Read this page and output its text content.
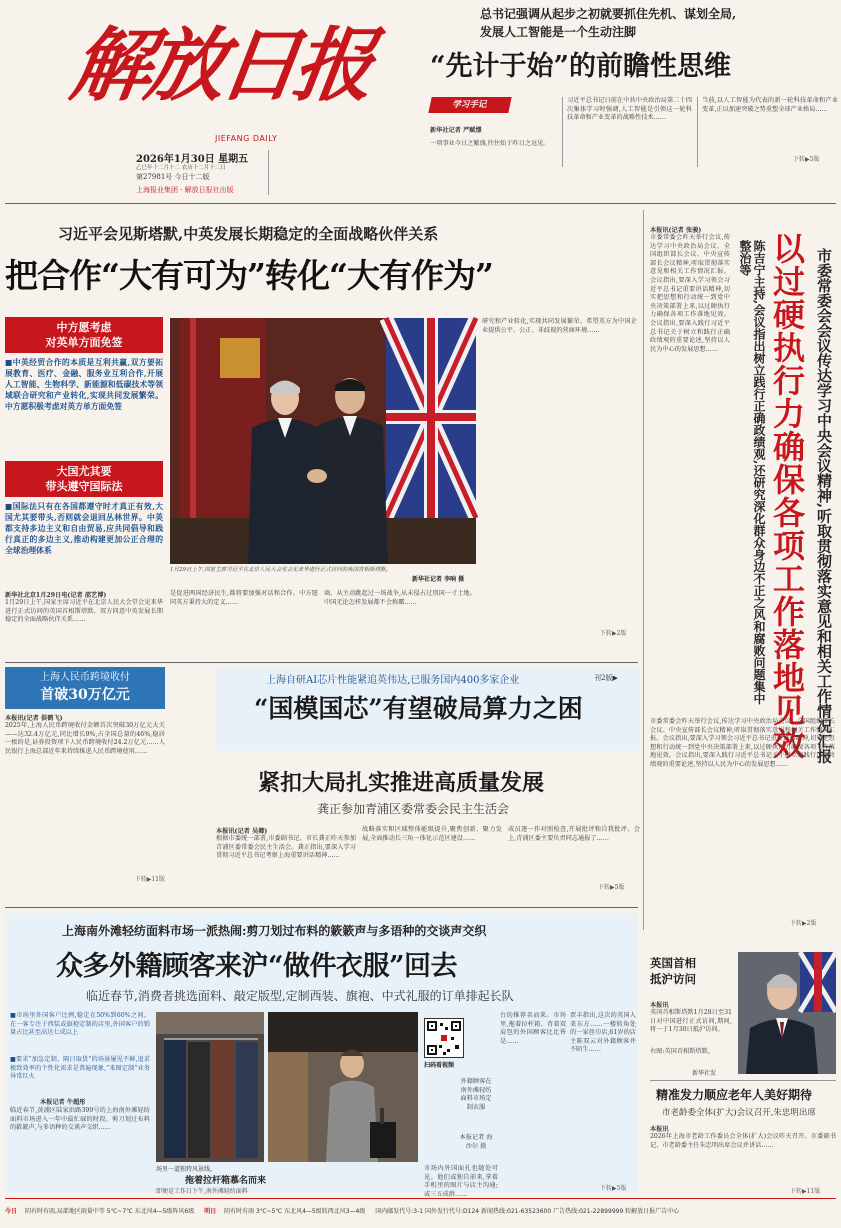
解放日报
JIEFANG DAILY
2026年1月30日 星期五
乙巳年十二月十二 农历十二月十二日
第27981号 今日十二版
上海报业集团 · 解放日报社出版
总书记强调从起步之初就要抓住先机、谋划全局,
发展人工智能是一个生动注脚
“先计于始”的前瞻性思维
学习手记
新华社记者 严赋憬
一项事业今日之繁盛,往往始于昨日之远见。
习近平总书记日前在中共中央政治局第二十四次集体学习时强调,人工智能是引领这一轮科技革命和产业变革的战略性技术……
当前,以人工智能为代表的新一轮科技革命和产业变革,正以加速突破之势重塑全球产业格局……
下转▶5版
习近平会见斯塔默,中英发展长期稳定的全面战略伙伴关系
把合作“大有可为”转化“大有作为”
中方愿考虑
对英单方面免签
■中英经贸合作的本质是互利共赢,双方要拓展教育、医疗、金融、服务业互利合作,开展人工智能、生物科学、新能源和低碳技术等领域联合研究和产业转化,实现共同发展繁荣。中方愿积极考虑对英方单方面免签
大国尤其要
带头遵守国际法
■国际法只有在各国都遵守时才真正有效,大国尤其要带头,否则就会退回丛林世界。中英都支持多边主义和自由贸易,应共同倡导和践行真正的多边主义,推动构建更加公正合理的全球治理体系
1月29日上午,国家主席习近平在北京人民大会堂会见来华进行正式访问的英国首相斯塔默。
新华社记者 李响 摄
新华社北京1月29日电(记者 邵艺博)
1月29日上午,国家主席习近平在北京人民大会堂会见来华进行正式访问的英国首相斯塔默。双方同意中英发展长期稳定的全面战略伙伴关系……
是促进两国经济民生,都将要加强对话和合作。中方愿同英方秉持大的定义……
商、从主动跳起过一场战争,从未侵占过别国一寸土地。中国无论怎样发展都不会称霸……
研究和产业转化,实现共同发展繁荣。希望英方为中国企业提供公平、公正、非歧视的营商环境……
下转▶2版	市委常委会会议传达学习中央会议精神,听取贯彻落实意见和相关工作情况汇报
以过硬执行力确保各项工作落地见效
陈吉宁主持,会议指出树立践行正确政绩观,还研究深化群众身边不正之风和腐败问题集中整治等
本报讯(记者 张骏)
市委常委会昨天举行会议,传达学习中央政治局会议、全国组织部长会议、中央宣传部长会议精神,听取贯彻落实意见和相关工作情况汇报。会议指出,要深入学习领会习近平总书记重要讲话精神,切实把思想和行动统一到党中央决策部署上来,以过硬执行力确保各项工作落地见效。会议指出,要深入践行习近平总书记关于树立和践行正确政绩观的重要论述,坚持以人民为中心的发展思想……
市委常委会昨天举行会议,传达学习中央政治局会议、全国组织部长会议、中央宣传部长会议精神,听取贯彻落实意见和相关工作情况汇报。会议指出,要深入学习领会习近平总书记重要讲话精神,切实把思想和行动统一到党中央决策部署上来,以过硬执行力确保各项工作落地见效。会议指出,要深入践行习近平总书记关于树立和践行正确政绩观的重要论述,坚持以人民为中心的发展思想……
下转▶2版
上海人民币跨境收付
首破30万亿元
本报讯(记者 俱鹤飞)
2025年,上海人民币跨境收付金额首次突破30万亿元大关——达32.4万亿元,同比增长9%,占全国总量的46%,稳居一极的是,证券投资项下人民币跨境收付24.2万亿元……人民银行上海总部近年来持续推进人民币跨境使用……
下转▶11版
上海自研AI芯片性能紧追英伟达,已服务国内400多家企业	刊2版▶
“国模国芯”有望破局算力之困
紧扣大局扎实推进高质量发展
龚正参加青浦区委常委会民主生活会
本报讯(记者 吴卿)
根据市委统一部署,市委副书记、市长龚正昨天参加青浦区委常委会民主生活会。龚正指出,要深入学习贯彻习近平总书记考察上海重要讲话精神……
战略落实和区域整体能级提升,聚焦创新、聚力发展,全面推动长三角一体化示范区建设……
成员逐一作对照检查,开展批评和自我批评。会上,青浦区委主要负责同志通报了……
下转▶5版
上海南外滩轻纺面料市场一派热闹:剪刀划过布料的簌簌声与多语种的交谈声交织
众多外籍顾客来沪“做件衣服”回去
临近春节,消费者挑选面料、敲定版型,定制西装、旗袍、中式礼服的订单排起长队
■市场里外国客户比例,稳定在50%到60%之间。在一客专注于西装或旗袍定制的店里,外国客户的销量占比甚至高达七成以上
■要求“加急定制、隔日取货”的场景屡见不鲜,追求极致效率的个性化需求是普遍现象,“来图定制”业务异常红火
本报记者 牛超彤
临近春节,黄浦区陆家浜路399号的上海南外滩轻纺面料市场进入一年中最忙碌的时段。剪刀划过布料的簌簌声,与多语种的交谈声交织……
场里一道独特风景线。
拖着拉杆箱慕名而来
即便是工作日下午,南外滩轻纺面料
扫码看视频
外籍顾客在南外滩轻纺面料市场定制衣服
本报记者 海沙尔 摄
市场内外国面孔也随处可见。他们或独自前来,拿着手机里的图片与店主沟通;或三五成群……
台的推荐名而来。市场里,拖着拉杆箱、背着双肩包的外国顾客比比皆是……
贾丰指出,这次的英国人来东方……一楼转角处的一家丝巾店,61岁的店主陈双云对外籍顾客并不陌生……
下转▶5版
英国首相
抵沪访问
本报讯
英国首相斯塔默1月28日至31日对中国进行正式访问,期间,将一于1月30日抵沪访问。
右图:英国首相斯塔默。
新华社发
精准发力顺应老年人美好期待
市老龄委全体(扩大)会议召开,朱忠明出席
本报讯
2026年上海市老龄工作委员会全体(扩大)会议昨天召开。市委副书记、市老龄委主任朱忠明出席会议并讲话……
下转▶11版
今日 阴有时有雨,局部地区雨量中等 5℃~7℃ 东北风4—5级阵风6级 明日 阴有时有雨 3℃~5℃ 东北风4—5级转西北风3—4级 国内邮发代号:3-1 国外发行代号:D124 新闻热线:021-63523600 广告热线:021-22899999 转解放日报广告中心
